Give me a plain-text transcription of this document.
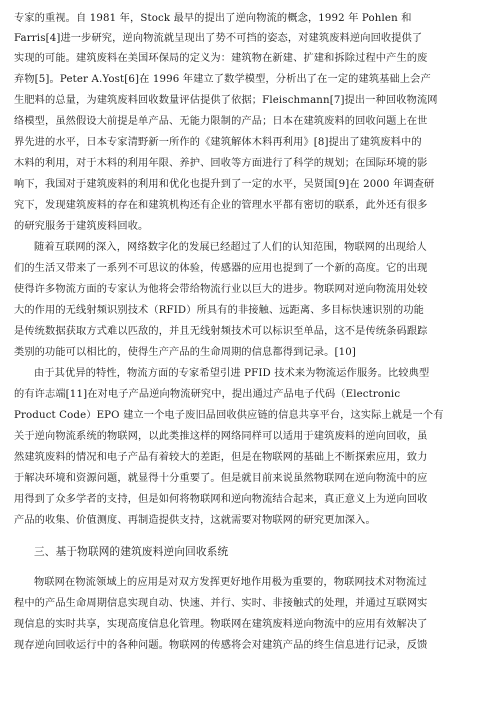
专家的重视。自 1981 年，Stock 最早的提出了逆向物流的概念，1992 年 Pohlen 和
Farris[4]进一步研究，逆向物流就呈现出了势不可挡的姿态，对建筑废料逆向回收提供了
实现的可能。建筑废料在美国环保局的定义为：建筑物在新建、扩建和拆除过程中产生的废
弃物[5]。Peter A.Yost[6]在 1996 年建立了数学模型，分析出了在一定的建筑基础上会产
生肥料的总量，为建筑废料回收数量评估提供了依据；Fleischmann[7]提出一种回收物流网
络模型，虽然假设大前提是单产品、无能力限制的产品；日本在建筑废料的回收问题上在世
界先进的水平，日本专家清野新一所作的《建筑解体木料再利用》[8]提出了建筑废料中的
木料的利用，对于木料的利用年限、养护、回收等方面进行了科学的规划；在国际环境的影
响下，我国对于建筑废料的利用和优化也提升到了一定的水平，吴贤国[9]在 2000 年调查研
究下，发现建筑废料的存在和建筑机构还有企业的管理水平都有密切的联系，此外还有很多
的研究服务于建筑废料回收。
随着互联网的深入，网络数字化的发展已经超过了人们的认知范围，物联网的出现给人
们的生活又带来了一系列不可思议的体验，传感器的应用也提到了一个新的高度。它的出现
使得许多物流方面的专家认为他将会带给物流行业以巨大的进步。物联网对逆向物流用处较
大的作用的无线射频识别技术（RFID）所具有的非接触、远距离、多目标快速识别的功能
是传统数据获取方式难以匹敌的，并且无线射频技术可以标识至单品，这不是传统条码跟踪
类别的功能可以相比的，使得生产产品的生命周期的信息都得到记录。[10]
由于其优异的特性，物流方面的专家希望引进 PFID 技术来为物流运作服务。比较典型
的有许志端[11]在对电子产品逆向物流研究中，提出通过产品电子代码（Electronic
Product Code）EPO 建立一个电子废旧品回收供应链的信息共享平台，这实际上就是一个有
关于逆向物流系统的物联网，以此类推这样的网络同样可以适用于建筑废料的逆向回收，虽
然建筑废料的情况和电子产品有着较大的差距，但是在物联网的基础上不断探索应用，致力
于解决环境和资源问题，就显得十分重要了。但是就目前来说虽然物联网在逆向物流中的应
用得到了众多学者的支持，但是如何将物联网和逆向物流结合起来，真正意义上为逆向回收
产品的收集、价值测度、再制造提供支持，这就需要对物联网的研究更加深入。
三、基于物联网的建筑废料逆向回收系统
物联网在物流领域上的应用是对双方发挥更好地作用极为重要的，物联网技术对物流过
程中的产品生命周期信息实现自动、快速、并行、实时、非接触式的处理，并通过互联网实
现信息的实时共享，实现高度信息化管理。物联网在建筑废料逆向物流中的应用有效解决了
现存逆向回收运行中的各种问题。物联网的传感将会对建筑产品的终生信息进行记录，反馈
